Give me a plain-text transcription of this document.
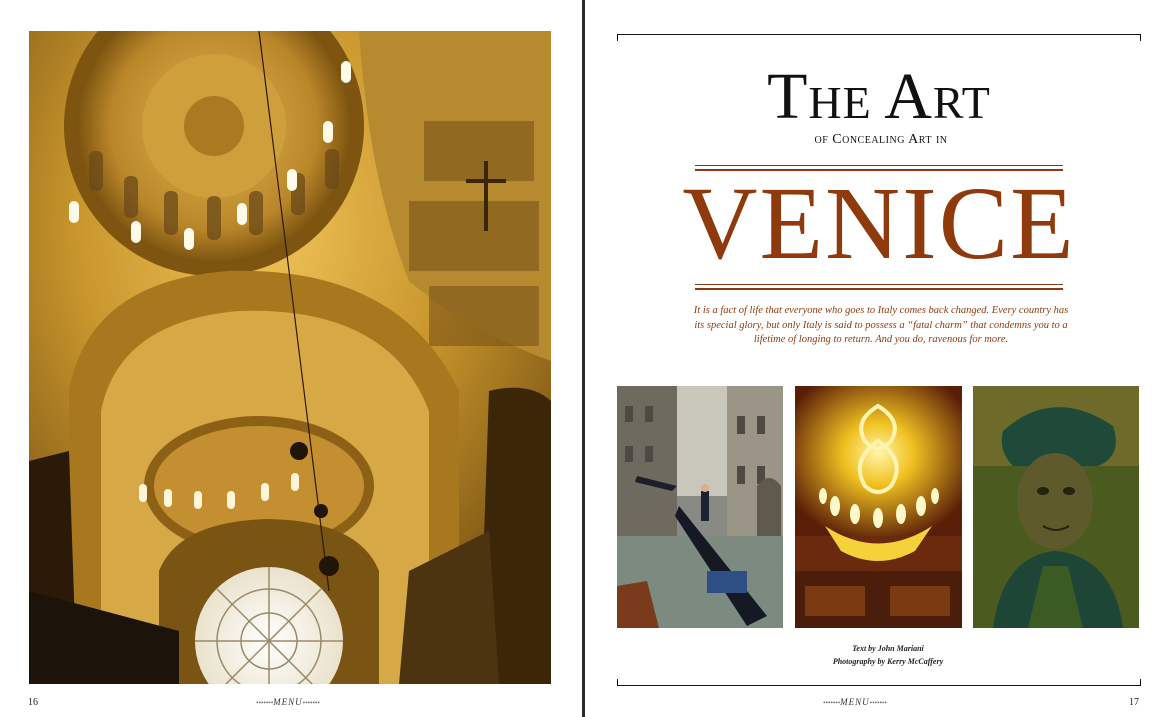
16	•••••••MENU•••••••
The Art
of Concealing Art in
VENICE
It is a fact of life that everyone who goes to Italy comes back changed. Every country has its special glory, but only Italy is said to possess a “fatal charm” that condemns you to a lifetime of longing to return. And you do, ravenous for more.
Text by John Mariani
Photography by Kerry McCaffery
•••••••MENU•••••••	17
